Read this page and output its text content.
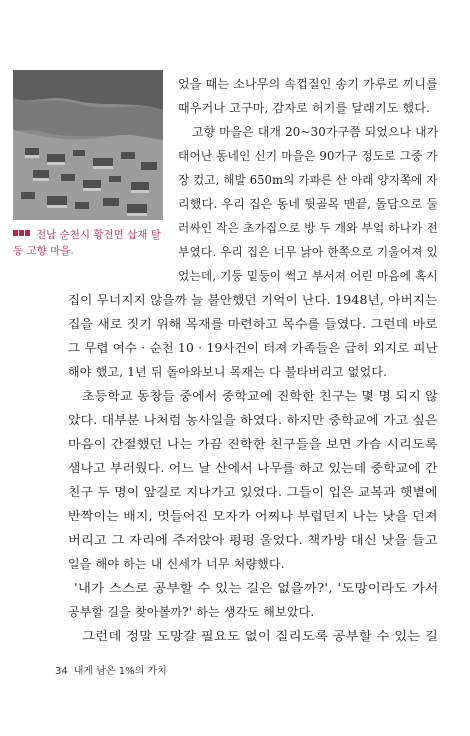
전남 순천시 황전면 삽재 탈동 고향 마을.
었을 때는 소나무의 속껍질인 송기 가루로 끼니를
때우거나 고구마, 감자로 허기를 달래기도 했다.
고향 마을은 대개 20~30가구쯤 되었으나 내가
태어난 동네인 신기 마을은 90가구 정도로 그중 가
장 컸고, 해발 650m의 가파른 산 아래 양지쪽에 자
리했다. 우리 집은 동네 뒷골목 맨끝, 돌담으로 둘
러싸인 작은 초가집으로 방 두 개와 부엌 하나가 전
부였다. 우리 집은 너무 낡아 한쪽으로 기울어져 있
었는데, 기둥 밑둥이 썩고 부서져 어린 마음에 혹시
집이 무너지지 않을까 늘 불안했던 기억이 난다. 1948년, 아버지는
집을 새로 짓기 위해 목재를 마련하고 목수를 들였다. 그런데 바로
그 무렵 여수 · 순천 10 · 19사건이 터져 가족들은 급히 외지로 피난
해야 했고, 1년 뒤 돌아와보니 목재는 다 불타버리고 없었다.
초등학교 동창들 중에서 중학교에 진학한 친구는 몇 명 되지 않
았다. 대부분 나처럼 농사일을 하였다. 하지만 중학교에 가고 싶은
마음이 간절했던 나는 가끔 진학한 친구들을 보면 가슴 시리도록
샘나고 부러웠다. 어느 날 산에서 나무를 하고 있는데 중학교에 간
친구 두 명이 앞길로 지나가고 있었다. 그들이 입은 교복과 햇볕에
반짝이는 배지, 멋들어진 모자가 어찌나 부럽던지 나는 낫을 던져
버리고 그 자리에 주저앉아 펑펑 울었다. 책가방 대신 낫을 들고
일을 해야 하는 내 신세가 너무 처량했다.
'내가 스스로 공부할 수 있는 길은 없을까?', '도망이라도 가서
공부할 길을 찾아볼까?' 하는 생각도 해보았다.
그런데 정말 도망갈 필요도 없이 질리도록 공부할 수 있는 길
34 내게 남은 1%의 가치
